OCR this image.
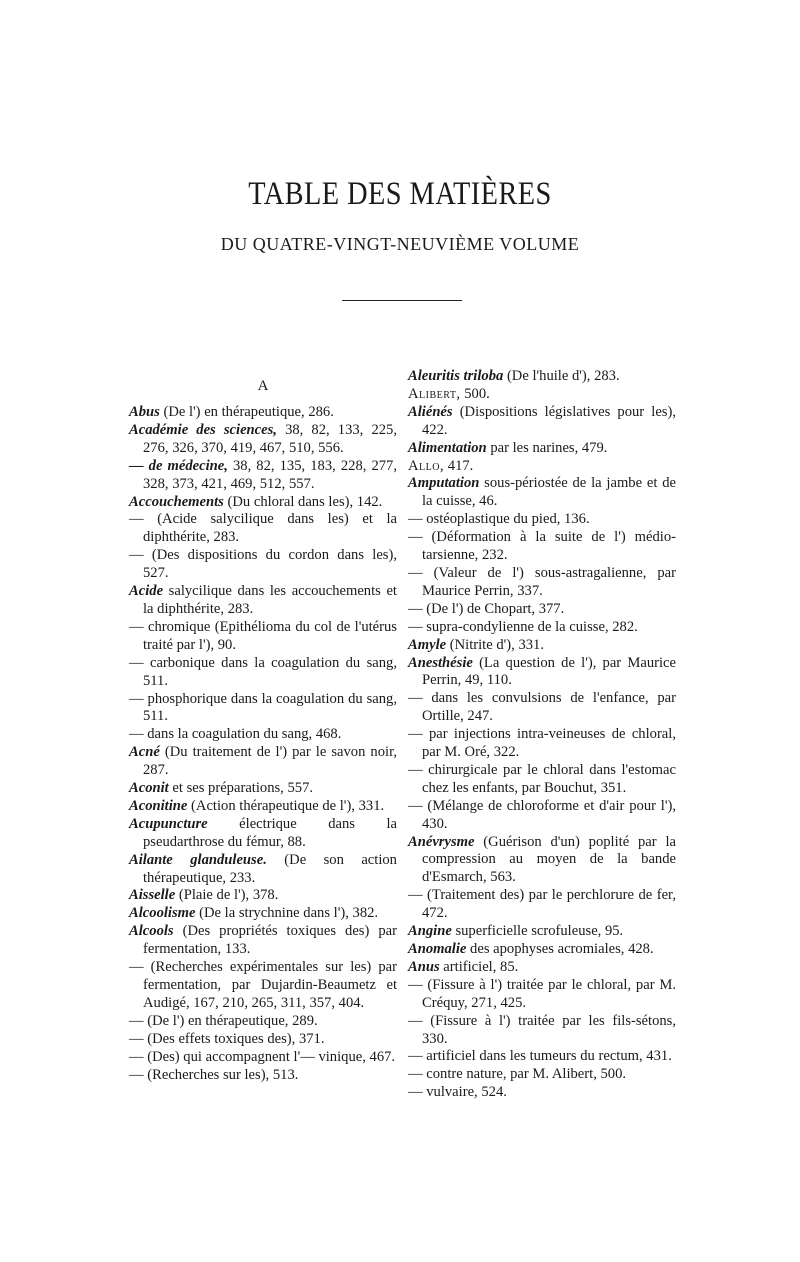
TABLE DES MATIÈRES
DU QUATRE-VINGT-NEUVIÈME VOLUME
A

Abus (De l') en thérapeutique, 286.

Académie des sciences, 38, 82, 133, 225, 276, 326, 370, 419, 467, 510, 556.

— de médecine, 38, 82, 135, 183, 228, 277, 328, 373, 421, 469, 512, 557.

Accouchements (Du chloral dans les), 142.

— (Acide salycilique dans les) et la diphthérite, 283.

— (Des dispositions du cordon dans les), 527.

Acide salycilique dans les accouchements et la diphthérite, 283.

— chromique (Epithélioma du col de l'utérus traité par l'), 90.

— carbonique dans la coagulation du sang, 511.

— phosphorique dans la coagulation du sang, 511.

— dans la coagulation du sang, 468.

Acné (Du traitement de l') par le savon noir, 287.

Aconit et ses préparations, 557.

Aconitine (Action thérapeutique de l'), 331.

Acupuncture électrique dans la pseudarthrose du fémur, 88.

Ailante glanduleuse. (De son action thérapeutique, 233.

Aisselle (Plaie de l'), 378.

Alcoolisme (De la strychnine dans l'), 382.

Alcools (Des propriétés toxiques des) par fermentation, 133.

— (Recherches expérimentales sur les) par fermentation, par Dujardin-Beaumetz et Audigé, 167, 210, 265, 311, 357, 404.

— (De l') en thérapeutique, 289.

— (Des effets toxiques des), 371.

— (Des) qui accompagnent l'— vinique, 467.

— (Recherches sur les), 513.

Aleuritis triloba (De l'huile d'), 283.

Alibert, 500.

Aliénés (Dispositions législatives pour les), 422.

Alimentation par les narines, 479.

Allo, 417.

Amputation sous-périostée de la jambe et de la cuisse, 46.

— ostéoplastique du pied, 136.

— (Déformation à la suite de l') médio-tarsienne, 232.

— (Valeur de l') sous-astragalienne, par Maurice Perrin, 337.

— (De l') de Chopart, 377.

— supra-condylienne de la cuisse, 282.

Amyle (Nitrite d'), 331.

Anesthésie (La question de l'), par Maurice Perrin, 49, 110.

— dans les convulsions de l'enfance, par Ortille, 247.

— par injections intra-veineuses de chloral, par M. Oré, 322.

— chirurgicale par le chloral dans l'estomac chez les enfants, par Bouchut, 351.

— (Mélange de chloroforme et d'air pour l'), 430.

Anévrysme (Guérison d'un) poplité par la compression au moyen de la bande d'Esmarch, 563.

— (Traitement des) par le perchlorure de fer, 472.

Angine superficielle scrofuleuse, 95.

Anomalie des apophyses acromiales, 428.

Anus artificiel, 85.

— (Fissure à l') traitée par le chloral, par M. Créquy, 271, 425.

— (Fissure à l') traitée par les fils-sétons, 330.

— artificiel dans les tumeurs du rectum, 431.

— contre nature, par M. Alibert, 500.

— vulvaire, 524.
